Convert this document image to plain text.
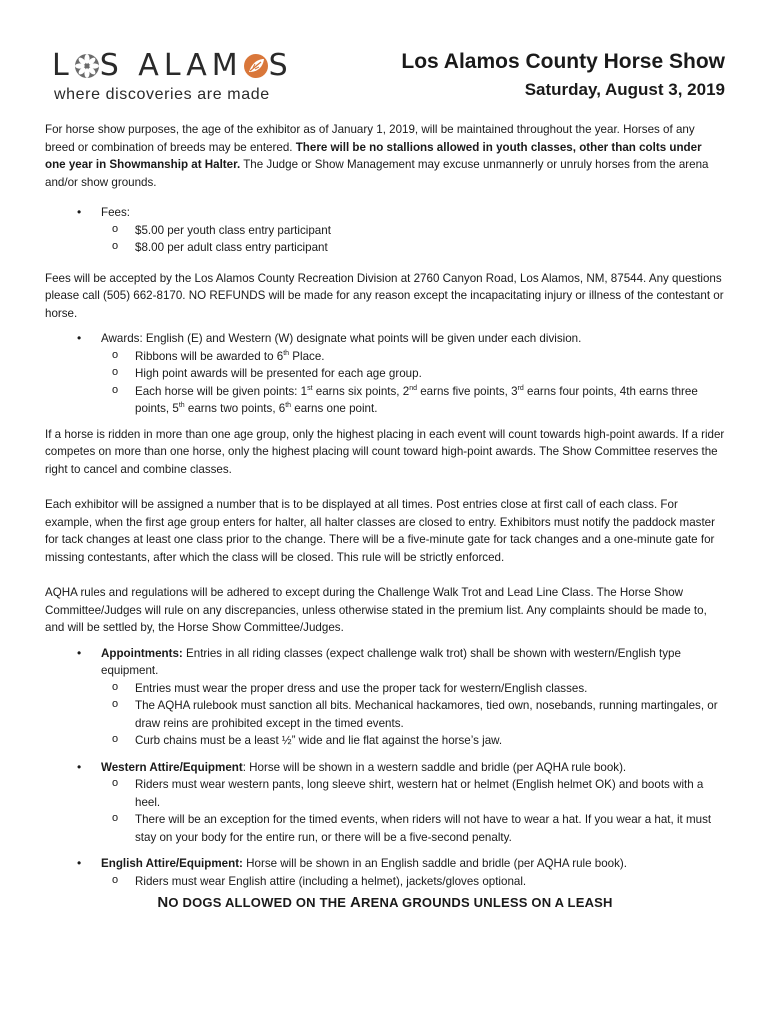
L S ALAM S
where discoveries are made
Los Alamos County Horse Show
Saturday, August 3, 2019

For horse show purposes, the age of the exhibitor as of January 1, 2019, will be maintained throughout the year. Horses of any breed or combination of breeds may be entered. There will be no stallions allowed in youth classes, other than colts under one year in Showmanship at Halter. The Judge or Show Management may excuse unmannerly or unruly horses from the arena and/or show grounds.

• Fees:
o $5.00 per youth class entry participant
o $8.00 per adult class entry participant

Fees will be accepted by the Los Alamos County Recreation Division at 2760 Canyon Road, Los Alamos, NM, 87544. Any questions please call (505) 662-8170. NO REFUNDS will be made for any reason except the incapacitating injury or illness of the contestant or horse.

• Awards: English (E) and Western (W) designate what points will be given under each division.
o Ribbons will be awarded to 6th Place.
o High point awards will be presented for each age group.
o Each horse will be given points: 1st earns six points, 2nd earns five points, 3rd earns four points, 4th earns three points, 5th earns two points, 6th earns one point.

If a horse is ridden in more than one age group, only the highest placing in each event will count towards high-point awards. If a rider competes on more than one horse, only the highest placing will count toward high-point awards. The Show Committee reserves the right to cancel and combine classes.

Each exhibitor will be assigned a number that is to be displayed at all times. Post entries close at first call of each class. For example, when the first age group enters for halter, all halter classes are closed to entry. Exhibitors must notify the paddock master for tack changes at least one class prior to the change. There will be a five-minute gate for tack changes and a one-minute gate for missing contestants, after which the class will be closed. This rule will be strictly enforced.

AQHA rules and regulations will be adhered to except during the Challenge Walk Trot and Lead Line Class. The Horse Show Committee/Judges will rule on any discrepancies, unless otherwise stated in the premium list. Any complaints should be made to, and will be settled by, the Horse Show Committee/Judges.

• Appointments: Entries in all riding classes (expect challenge walk trot) shall be shown with western/English type equipment.
o Entries must wear the proper dress and use the proper tack for western/English classes.
o The AQHA rulebook must sanction all bits. Mechanical hackamores, tied own, nosebands, running martingales, or draw reins are prohibited except in the timed events.
o Curb chains must be a least ½” wide and lie flat against the horse’s jaw.
• Western Attire/Equipment: Horse will be shown in a western saddle and bridle (per AQHA rule book).
o Riders must wear western pants, long sleeve shirt, western hat or helmet (English helmet OK) and boots with a heel.
o There will be an exception for the timed events, when riders will not have to wear a hat. If you wear a hat, it must stay on your body for the entire run, or there will be a five-second penalty.
• English Attire/Equipment: Horse will be shown in an English saddle and bridle (per AQHA rule book).
o Riders must wear English attire (including a helmet), jackets/gloves optional.
NO DOGS ALLOWED ON THE ARENA GROUNDS UNLESS ON A LEASH
